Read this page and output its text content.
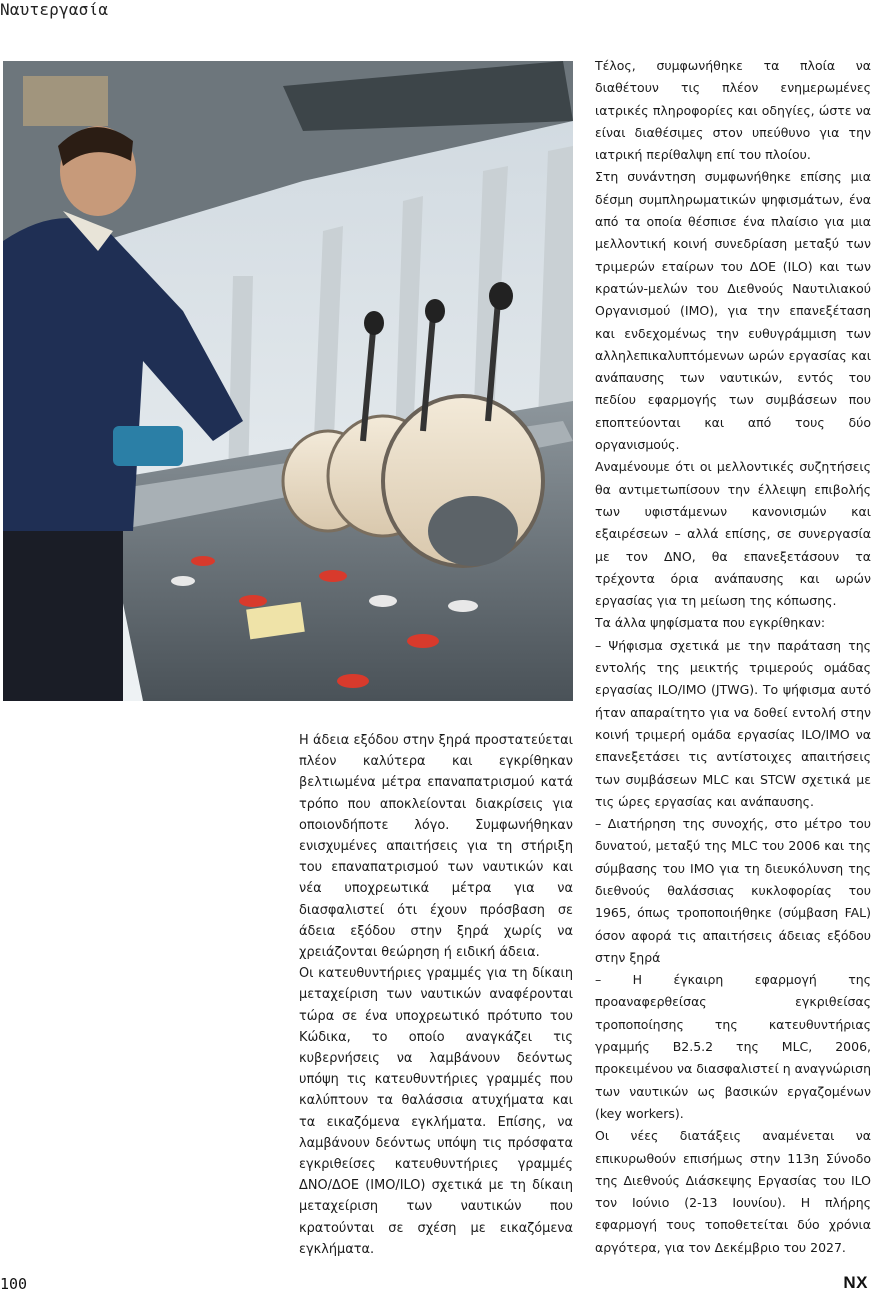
Ναυτεργασία

Τέλος, συμφωνήθηκε τα πλοία να διαθέτουν τις πλέον ενημερωμένες ιατρικές πληροφορίες και οδηγίες, ώστε να είναι διαθέσιμες στον υπεύθυνο για την ιατρική περίθαλψη επί του πλοίου.

Στη συνάντηση συμφωνήθηκε επίσης μια δέσμη συμπληρωματικών ψηφισμάτων, ένα από τα οποία θέσπισε ένα πλαίσιο για μια μελλοντική κοινή συνεδρίαση μεταξύ των τριμερών εταίρων του ΔΟΕ (ILO) και των κρατών-μελών του Διεθνούς Ναυτιλιακού Οργανισμού (ΙΜΟ), για την επανεξέταση και ενδεχομένως την ευθυγράμμιση των αλληλεπικαλυπτόμενων ωρών εργασίας και ανάπαυσης των ναυτικών, εντός του πεδίου εφαρμογής των συμβάσεων που εποπτεύονται και από τους δύο οργανισμούς.

Αναμένουμε ότι οι μελλοντικές συζητήσεις θα αντιμετωπίσουν την έλλειψη επιβολής των υφιστάμενων κανονισμών και εξαιρέσεων – αλλά επίσης, σε συνεργασία με τον ΔΝΟ, θα επανεξετάσουν τα τρέχοντα όρια ανάπαυσης και ωρών εργασίας για τη μείωση της κόπωσης.

Τα άλλα ψηφίσματα που εγκρίθηκαν:

– Ψήφισμα σχετικά με την παράταση της εντολής της μεικτής τριμερούς ομάδας εργασίας ILO/IMO (JTWG). Το ψήφισμα αυτό ήταν απαραίτητο για να δοθεί εντολή στην κοινή τριμερή ομάδα εργασίας ILO/IMO να επανεξετάσει τις αντίστοιχες απαιτήσεις των συμβάσεων MLC και STCW σχετικά με τις ώρες εργασίας και ανάπαυσης.

– Διατήρηση της συνοχής, στο μέτρο του δυνατού, μεταξύ της MLC του 2006 και της σύμβασης του IMO για τη διευκόλυνση της διεθνούς θαλάσσιας κυκλοφορίας του 1965, όπως τροποποιήθηκε (σύμβαση FAL) όσον αφορά τις απαιτήσεις άδειας εξόδου στην ξηρά

– Η έγκαιρη εφαρμογή της προαναφερθείσας εγκριθείσας τροποποίησης της κατευθυντήριας γραμμής Β2.5.2 της MLC, 2006, προκειμένου να διασφαλιστεί η αναγνώριση των ναυτικών ως βασικών εργαζομένων (key workers).

Οι νέες διατάξεις αναμένεται να επικυρωθούν επισήμως στην 113η Σύνοδο της Διεθνούς Διάσκεψης Εργασίας του ILO τον Ιούνιο (2-13 Ιουνίου). Η πλήρης εφαρμογή τους τοποθετείται δύο χρόνια αργότερα, για τον Δεκέμβριο του 2027.

Η άδεια εξόδου στην ξηρά προστατεύεται πλέον καλύτερα και εγκρίθηκαν βελτιωμένα μέτρα επαναπατρισμού κατά τρόπο που αποκλείονται διακρίσεις για οποιονδήποτε λόγο. Συμφωνήθηκαν ενισχυμένες απαιτήσεις για τη στήριξη του επαναπατρισμού των ναυτικών και νέα υποχρεωτικά μέτρα για να διασφαλιστεί ότι έχουν πρόσβαση σε άδεια εξόδου στην ξηρά χωρίς να χρειάζονται θεώρηση ή ειδική άδεια.

Οι κατευθυντήριες γραμμές για τη δίκαιη μεταχείριση των ναυτικών αναφέρονται τώρα σε ένα υποχρεωτικό πρότυπο του Κώδικα, το οποίο αναγκάζει τις κυβερνήσεις να λαμβάνουν δεόντως υπόψη τις κατευθυντήριες γραμμές που καλύπτουν τα θαλάσσια ατυχήματα και τα εικαζόμενα εγκλήματα. Επίσης, να λαμβάνουν δεόντως υπόψη τις πρόσφατα εγκριθείσες κατευθυντήριες γραμμές ΔΝΟ/ΔΟΕ (IMO/ILO) σχετικά με τη δίκαιη μεταχείριση των ναυτικών που κρατούνται σε σχέση με εικαζόμενα εγκλήματα.

100	NX
